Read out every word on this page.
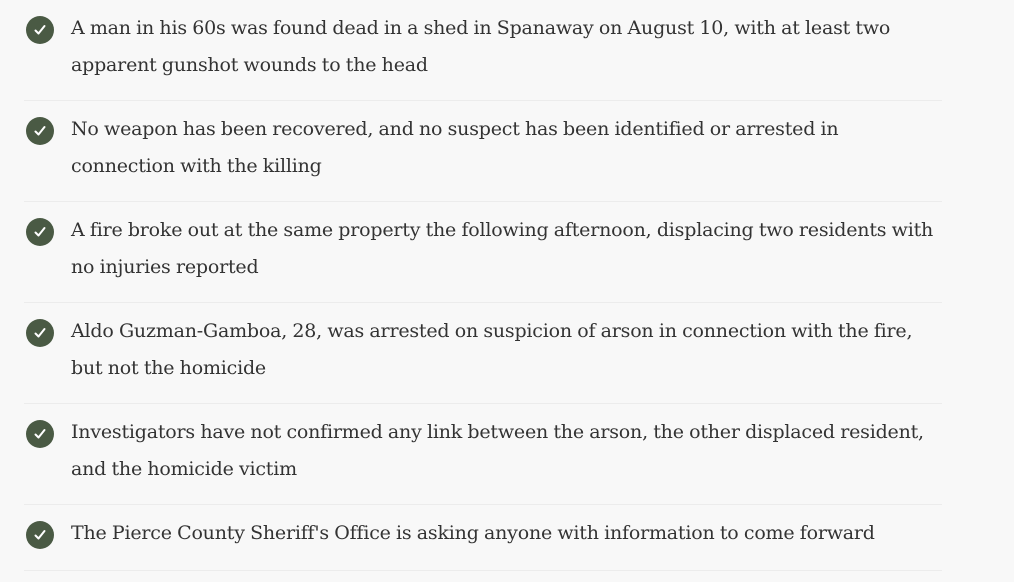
A man in his 60s was found dead in a shed in Spanaway on August 10, with at least two apparent gunshot wounds to the head
No weapon has been recovered, and no suspect has been identified or arrested in connection with the killing
A fire broke out at the same property the following afternoon, displacing two residents with no injuries reported
Aldo Guzman-Gamboa, 28, was arrested on suspicion of arson in connection with the fire, but not the homicide
Investigators have not confirmed any link between the arson, the other displaced resident, and the homicide victim
The Pierce County Sheriff's Office is asking anyone with information to come forward
